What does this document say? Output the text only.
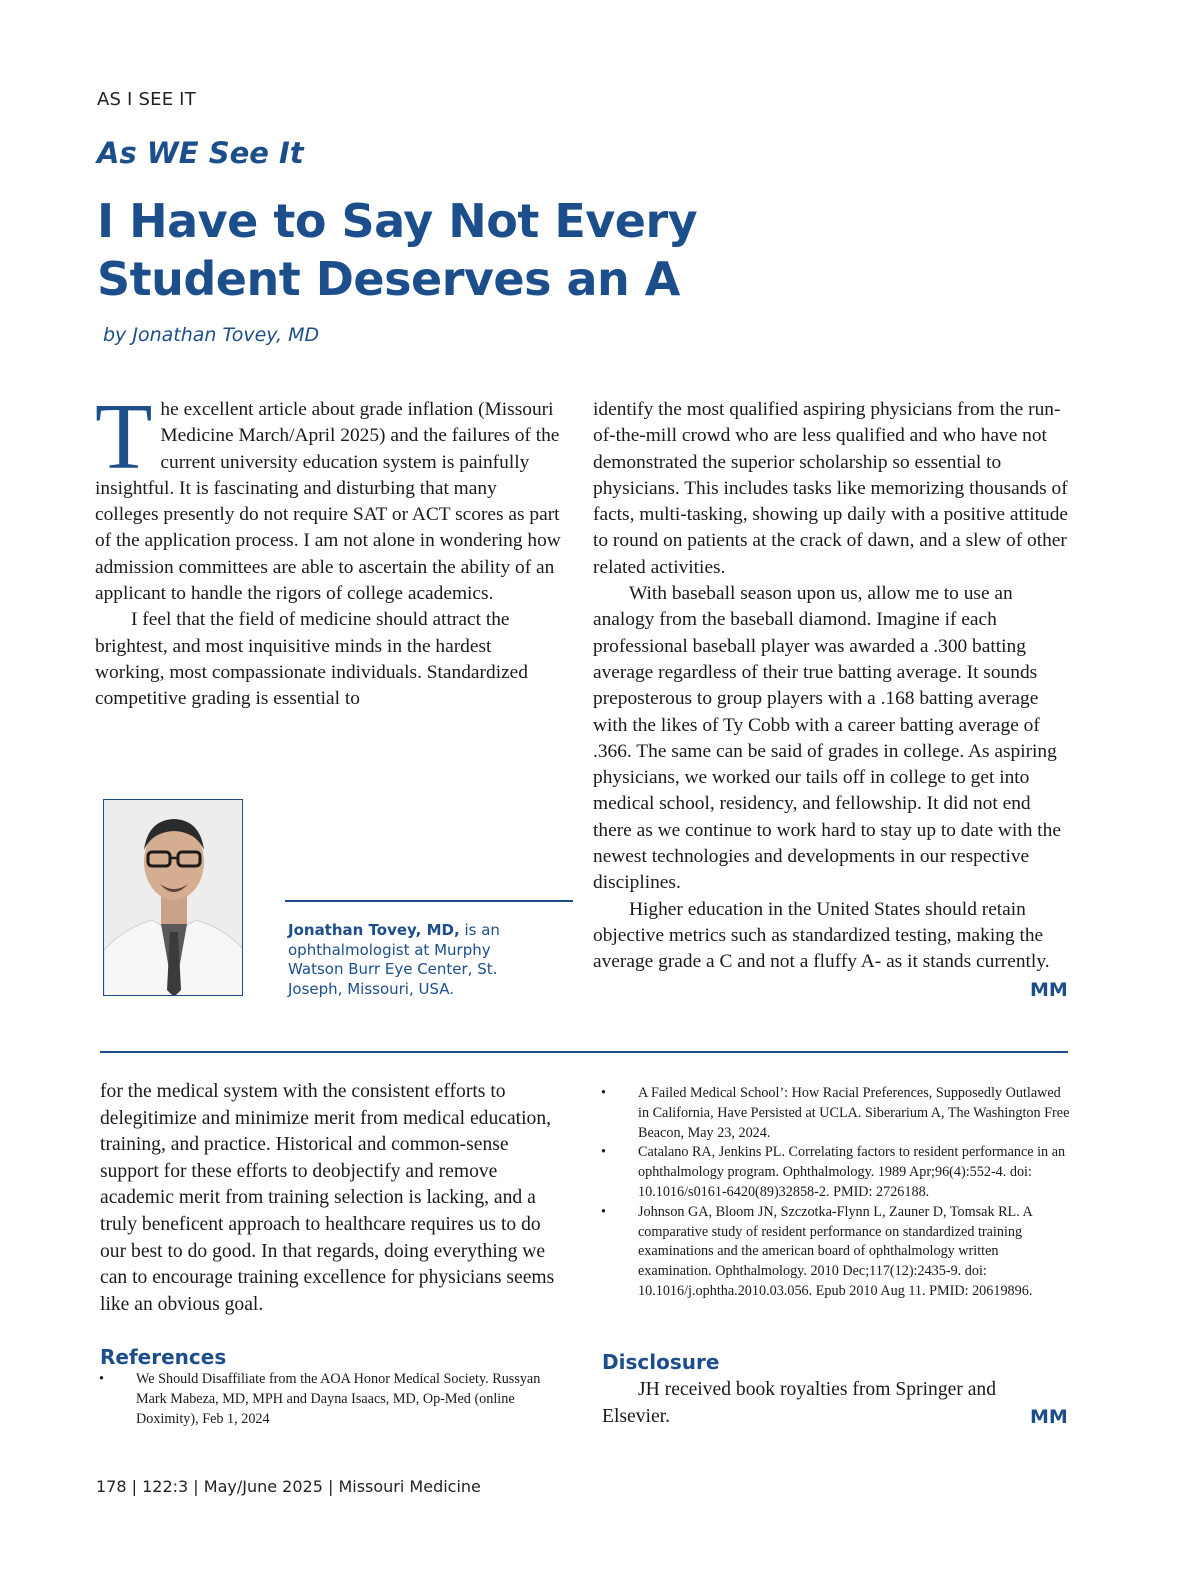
AS I SEE IT
As WE See It
I Have to Say Not Every Student Deserves an A
by Jonathan Tovey, MD

The excellent article about grade inflation (Missouri Medicine March/April 2025) and the failures of the current university education system is painfully insightful. It is fascinating and disturbing that many colleges presently do not require SAT or ACT scores as part of the application process. I am not alone in wondering how admission committees are able to ascertain the ability of an applicant to handle the rigors of college academics.

I feel that the field of medicine should attract the brightest, and most inquisitive minds in the hardest working, most compassionate individuals. Standardized competitive grading is essential to

identify the most qualified aspiring physicians from the run-of-the-mill crowd who are less qualified and who have not demonstrated the superior scholarship so essential to physicians. This includes tasks like memorizing thousands of facts, multi-tasking, showing up daily with a positive attitude to round on patients at the crack of dawn, and a slew of other related activities.

With baseball season upon us, allow me to use an analogy from the baseball diamond. Imagine if each professional baseball player was awarded a .300 batting average regardless of their true batting average. It sounds preposterous to group players with a .168 batting average with the likes of Ty Cobb with a career batting average of .366. The same can be said of grades in college. As aspiring physicians, we worked our tails off in college to get into medical school, residency, and fellowship. It did not end there as we continue to work hard to stay up to date with the newest technologies and developments in our respective disciplines.

Higher education in the United States should retain objective metrics such as standardized testing, making the average grade a C and not a fluffy A- as it stands currently.

MM
Jonathan Tovey, MD, is an ophthalmologist at Murphy Watson Burr Eye Center, St. Joseph, Missouri, USA.

for the medical system with the consistent efforts to delegitimize and minimize merit from medical education, training, and practice. Historical and common-sense support for these efforts to deobjectify and remove academic merit from training selection is lacking, and a truly beneficent approach to healthcare requires us to do our best to do good. In that regards, doing everything we can to encourage training excellence for physicians seems like an obvious goal.

References
• We Should Disaffiliate from the AOA Honor Medical Society. Russyan Mark Mabeza, MD, MPH and Dayna Isaacs, MD, Op-Med (online Doximity), Feb 1, 2024
• A Failed Medical School’: How Racial Preferences, Supposedly Outlawed in California, Have Persisted at UCLA. Siberarium A, The Washington Free Beacon, May 23, 2024.
• Catalano RA, Jenkins PL. Correlating factors to resident performance in an ophthalmology program. Ophthalmology. 1989 Apr;96(4):552-4. doi: 10.1016/s0161-6420(89)32858-2. PMID: 2726188.
• Johnson GA, Bloom JN, Szczotka-Flynn L, Zauner D, Tomsak RL. A comparative study of resident performance on standardized training examinations and the american board of ophthalmology written examination. Ophthalmology. 2010 Dec;117(12):2435-9. doi: 10.1016/j.ophtha.2010.03.056. Epub 2010 Aug 11. PMID: 20619896.
Disclosure

JH received book royalties from Springer and Elsevier.	MM
178 | 122:3 | May/June 2025 | Missouri Medicine
